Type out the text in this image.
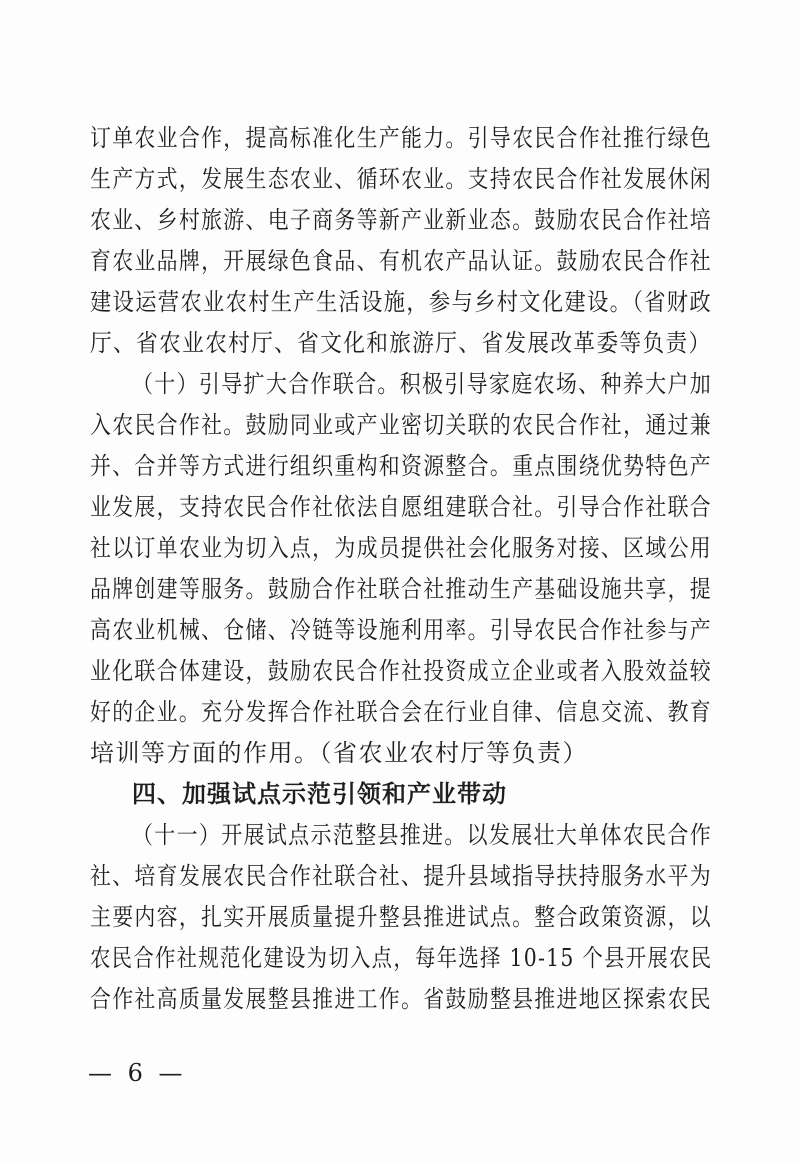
订单农业合作，提高标准化生产能力。引导农民合作社推行绿色
生产方式，发展生态农业、循环农业。支持农民合作社发展休闲
农业、乡村旅游、电子商务等新产业新业态。鼓励农民合作社培
育农业品牌，开展绿色食品、有机农产品认证。鼓励农民合作社
建设运营农业农村生产生活设施，参与乡村文化建设。（省财政
厅、省农业农村厅、省文化和旅游厅、省发展改革委等负责）
（十）引导扩大合作联合。积极引导家庭农场、种养大户加
入农民合作社。鼓励同业或产业密切关联的农民合作社，通过兼
并、合并等方式进行组织重构和资源整合。重点围绕优势特色产
业发展，支持农民合作社依法自愿组建联合社。引导合作社联合
社以订单农业为切入点，为成员提供社会化服务对接、区域公用
品牌创建等服务。鼓励合作社联合社推动生产基础设施共享，提
高农业机械、仓储、冷链等设施利用率。引导农民合作社参与产
业化联合体建设，鼓励农民合作社投资成立企业或者入股效益较
好的企业。充分发挥合作社联合会在行业自律、信息交流、教育
培训等方面的作用。（省农业农村厅等负责）
四、加强试点示范引领和产业带动
（十一）开展试点示范整县推进。以发展壮大单体农民合作
社、培育发展农民合作社联合社、提升县域指导扶持服务水平为
主要内容，扎实开展质量提升整县推进试点。整合政策资源，以
农民合作社规范化建设为切入点，每年选择 10-15 个县开展农民
合作社高质量发展整县推进工作。省鼓励整县推进地区探索农民
— 6 —
